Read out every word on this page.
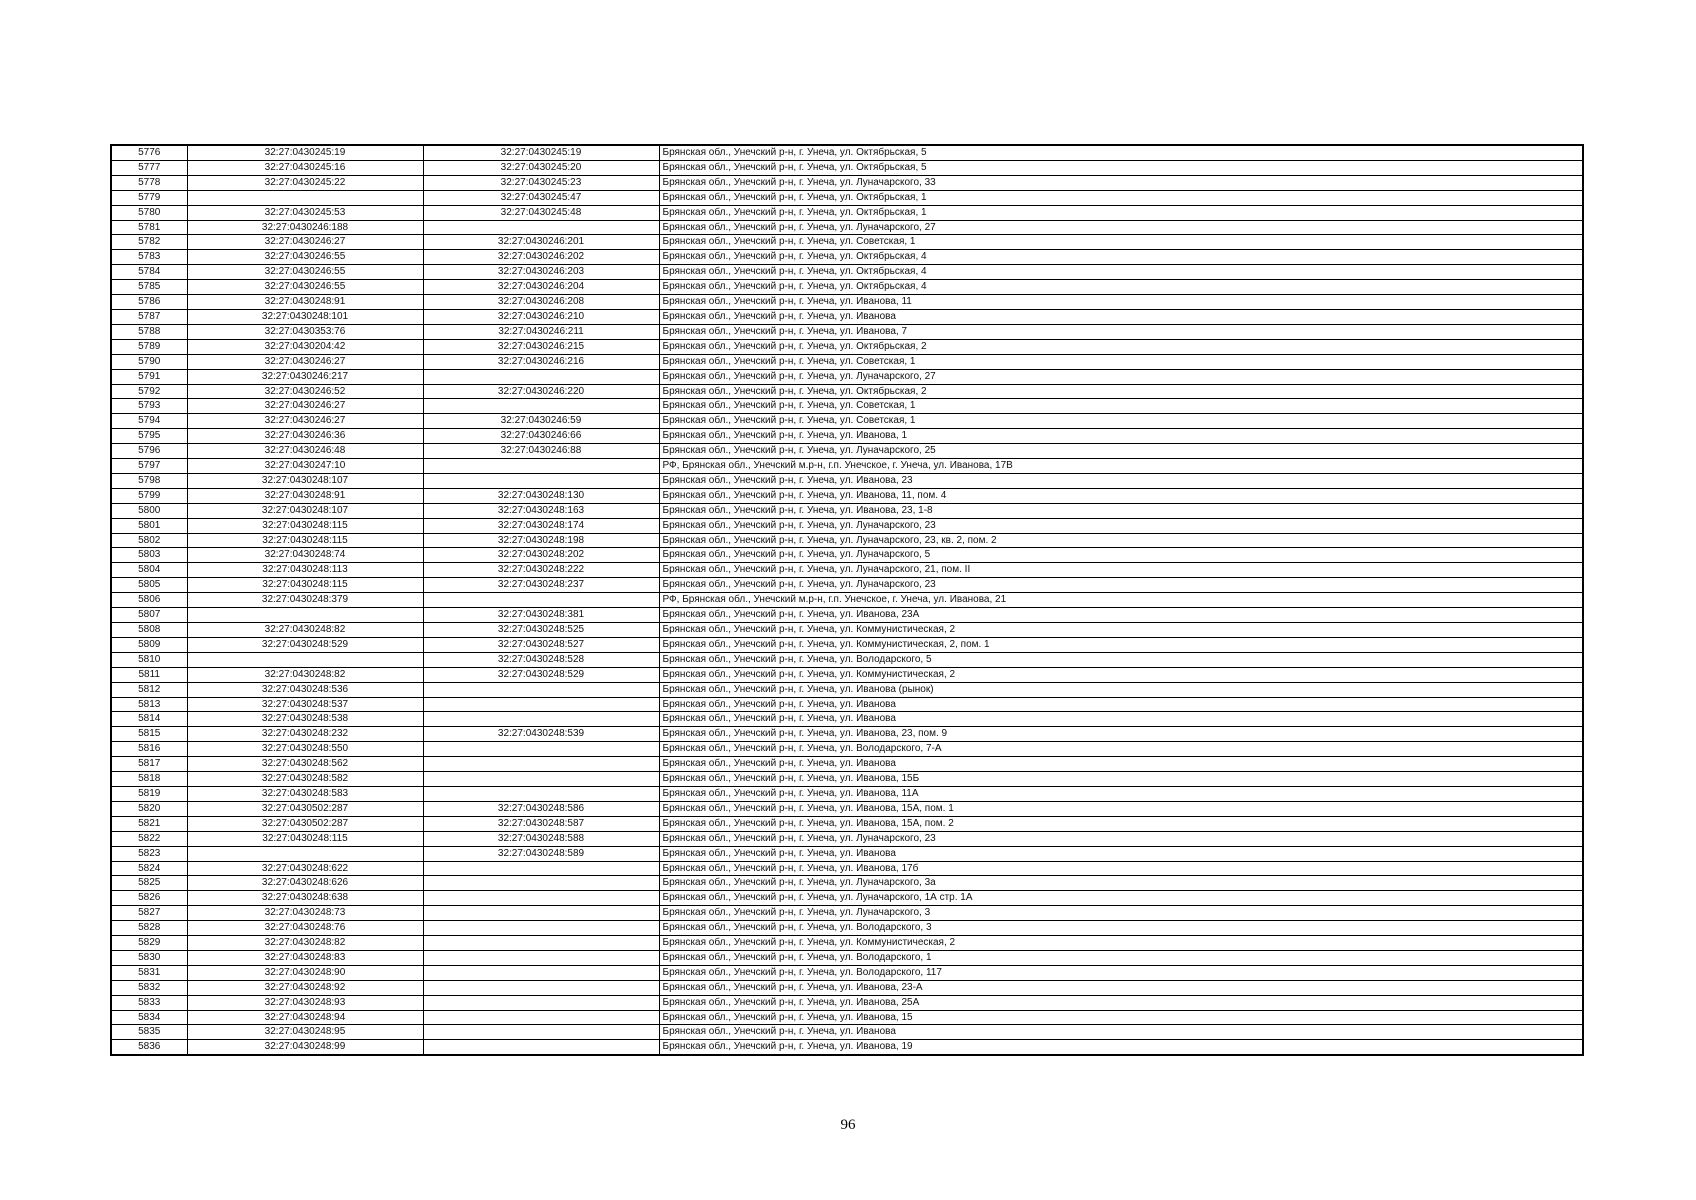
5776	32:27:0430245:19	32:27:0430245:19	Брянская обл., Унечский р-н, г. Унеча, ул. Октябрьская, 5
5777	32:27:0430245:16	32:27:0430245:20	Брянская обл., Унечский р-н, г. Унеча, ул. Октябрьская, 5
5778	32:27:0430245:22	32:27:0430245:23	Брянская обл., Унечский р-н, г. Унеча, ул. Луначарского, 33
5779		32:27:0430245:47	Брянская обл., Унечский р-н, г. Унеча, ул. Октябрьская, 1
5780	32:27:0430245:53	32:27:0430245:48	Брянская обл., Унечский р-н, г. Унеча, ул. Октябрьская, 1
5781	32:27:0430246:188		Брянская обл., Унечский р-н, г. Унеча, ул. Луначарского, 27
5782	32:27:0430246:27	32:27:0430246:201	Брянская обл., Унечский р-н, г. Унеча, ул. Советская, 1
5783	32:27:0430246:55	32:27:0430246:202	Брянская обл., Унечский р-н, г. Унеча, ул. Октябрьская, 4
5784	32:27:0430246:55	32:27:0430246:203	Брянская обл., Унечский р-н, г. Унеча, ул. Октябрьская, 4
5785	32:27:0430246:55	32:27:0430246:204	Брянская обл., Унечский р-н, г. Унеча, ул. Октябрьская, 4
5786	32:27:0430248:91	32:27:0430246:208	Брянская обл., Унечский р-н, г. Унеча, ул. Иванова, 11
5787	32:27:0430248:101	32:27:0430246:210	Брянская обл., Унечский р-н, г. Унеча, ул. Иванова
5788	32:27:0430353:76	32:27:0430246:211	Брянская обл., Унечский р-н, г. Унеча, ул. Иванова, 7
5789	32:27:0430204:42	32:27:0430246:215	Брянская обл., Унечский р-н, г. Унеча, ул. Октябрьская, 2
5790	32:27:0430246:27	32:27:0430246:216	Брянская обл., Унечский р-н, г. Унеча, ул. Советская, 1
5791	32:27:0430246:217		Брянская обл., Унечский р-н, г. Унеча, ул. Луначарского, 27
5792	32:27:0430246:52	32:27:0430246:220	Брянская обл., Унечский р-н, г. Унеча, ул. Октябрьская, 2
5793	32:27:0430246:27		Брянская обл., Унечский р-н, г. Унеча, ул. Советская, 1
5794	32:27:0430246:27	32:27:0430246:59	Брянская обл., Унечский р-н, г. Унеча, ул. Советская, 1
5795	32:27:0430246:36	32:27:0430246:66	Брянская обл., Унечский р-н, г. Унеча, ул. Иванова, 1
5796	32:27:0430246:48	32:27:0430246:88	Брянская обл., Унечский р-н, г. Унеча, ул. Луначарского, 25
5797	32:27:0430247:10		РФ, Брянская обл., Унечский м.р-н, г.п. Унечское, г. Унеча, ул. Иванова, 17В
5798	32:27:0430248:107		Брянская обл., Унечский р-н, г. Унеча, ул. Иванова, 23
5799	32:27:0430248:91	32:27:0430248:130	Брянская обл., Унечский р-н, г. Унеча, ул. Иванова, 11, пом. 4
5800	32:27:0430248:107	32:27:0430248:163	Брянская обл., Унечский р-н, г. Унеча, ул. Иванова, 23, 1-8
5801	32:27:0430248:115	32:27:0430248:174	Брянская обл., Унечский р-н, г. Унеча, ул. Луначарского, 23
5802	32:27:0430248:115	32:27:0430248:198	Брянская обл., Унечский р-н, г. Унеча, ул. Луначарского, 23, кв. 2, пом. 2
5803	32:27:0430248:74	32:27:0430248:202	Брянская обл., Унечский р-н, г. Унеча, ул. Луначарского, 5
5804	32:27:0430248:113	32:27:0430248:222	Брянская обл., Унечский р-н, г. Унеча, ул. Луначарского, 21, пом. II
5805	32:27:0430248:115	32:27:0430248:237	Брянская обл., Унечский р-н, г. Унеча, ул. Луначарского, 23
5806	32:27:0430248:379		РФ, Брянская обл., Унечский м.р-н, г.п. Унечское, г. Унеча, ул. Иванова, 21
5807		32:27:0430248:381	Брянская обл., Унечский р-н, г. Унеча, ул. Иванова, 23А
5808	32:27:0430248:82	32:27:0430248:525	Брянская обл., Унечский р-н, г. Унеча, ул. Коммунистическая, 2
5809	32:27:0430248:529	32:27:0430248:527	Брянская обл., Унечский р-н, г. Унеча, ул. Коммунистическая, 2, пом. 1
5810		32:27:0430248:528	Брянская обл., Унечский р-н, г. Унеча, ул. Володарского, 5
5811	32:27:0430248:82	32:27:0430248:529	Брянская обл., Унечский р-н, г. Унеча, ул. Коммунистическая, 2
5812	32:27:0430248:536		Брянская обл., Унечский р-н, г. Унеча, ул. Иванова (рынок)
5813	32:27:0430248:537		Брянская обл., Унечский р-н, г. Унеча, ул. Иванова
5814	32:27:0430248:538		Брянская обл., Унечский р-н, г. Унеча, ул. Иванова
5815	32:27:0430248:232	32:27:0430248:539	Брянская обл., Унечский р-н, г. Унеча, ул. Иванова, 23, пом. 9
5816	32:27:0430248:550		Брянская обл., Унечский р-н, г. Унеча, ул. Володарского, 7-А
5817	32:27:0430248:562		Брянская обл., Унечский р-н, г. Унеча, ул. Иванова
5818	32:27:0430248:582		Брянская обл., Унечский р-н, г. Унеча, ул. Иванова, 15Б
5819	32:27:0430248:583		Брянская обл., Унечский р-н, г. Унеча, ул. Иванова, 11А
5820	32:27:0430502:287	32:27:0430248:586	Брянская обл., Унечский р-н, г. Унеча, ул. Иванова, 15А, пом. 1
5821	32:27:0430502:287	32:27:0430248:587	Брянская обл., Унечский р-н, г. Унеча, ул. Иванова, 15А, пом. 2
5822	32:27:0430248:115	32:27:0430248:588	Брянская обл., Унечский р-н, г. Унеча, ул. Луначарского, 23
5823		32:27:0430248:589	Брянская обл., Унечский р-н, г. Унеча, ул. Иванова
5824	32:27:0430248:622		Брянская обл., Унечский р-н, г. Унеча, ул. Иванова, 17б
5825	32:27:0430248:626		Брянская обл., Унечский р-н, г. Унеча, ул. Луначарского, 3а
5826	32:27:0430248:638		Брянская обл., Унечский р-н, г. Унеча, ул. Луначарского, 1А стр. 1А
5827	32:27:0430248:73		Брянская обл., Унечский р-н, г. Унеча, ул. Луначарского, 3
5828	32:27:0430248:76		Брянская обл., Унечский р-н, г. Унеча, ул. Володарского, 3
5829	32:27:0430248:82		Брянская обл., Унечский р-н, г. Унеча, ул. Коммунистическая, 2
5830	32:27:0430248:83		Брянская обл., Унечский р-н, г. Унеча, ул. Володарского, 1
5831	32:27:0430248:90		Брянская обл., Унечский р-н, г. Унеча, ул. Володарского, 117
5832	32:27:0430248:92		Брянская обл., Унечский р-н, г. Унеча, ул. Иванова, 23-А
5833	32:27:0430248:93		Брянская обл., Унечский р-н, г. Унеча, ул. Иванова, 25А
5834	32:27:0430248:94		Брянская обл., Унечский р-н, г. Унеча, ул. Иванова, 15
5835	32:27:0430248:95		Брянская обл., Унечский р-н, г. Унеча, ул. Иванова
5836	32:27:0430248:99		Брянская обл., Унечский р-н, г. Унеча, ул. Иванова, 19
96
